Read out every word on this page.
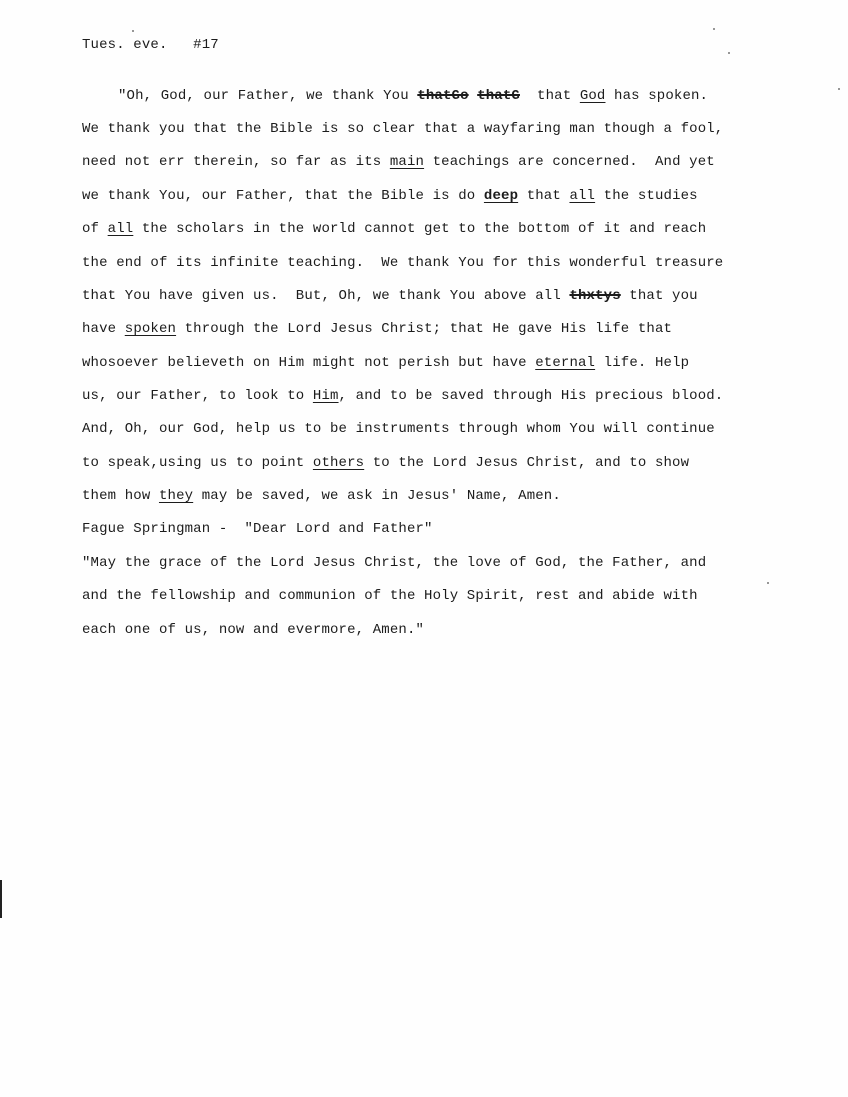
Tues. eve. #17
"Oh, God, our Father, we thank You thatGo thatG  that God has spoken.
We thank you that the Bible is so clear that a wayfaring man though a fool,
need not err therein, so far as its main teachings are concerned.  And yet
we thank You, our Father, that the Bible is do deep that all the studies
of all the scholars in the world cannot get to the bottom of it and reach
the end of its infinite teaching.  We thank You for this wonderful treasure
that You have given us.  But, Oh, we thank You above all thxtys that you
have spoken through the Lord Jesus Christ; that He gave His life that
whosoever believeth on Him might not perish but have eternal life. Help
us, our Father, to look to Him, and to be saved through His precious blood.
And, Oh, our God, help us to be instruments through whom You will continue
to speak,using us to point others to the Lord Jesus Christ, and to show
them how they may be saved, we ask in Jesus' Name, Amen.
Fague Springman -  "Dear Lord and Father"
"May the grace of the Lord Jesus Christ, the love of God, the Father, and
and the fellowship and communion of the Holy Spirit, rest and abide with
each one of us, now and evermore, Amen."
